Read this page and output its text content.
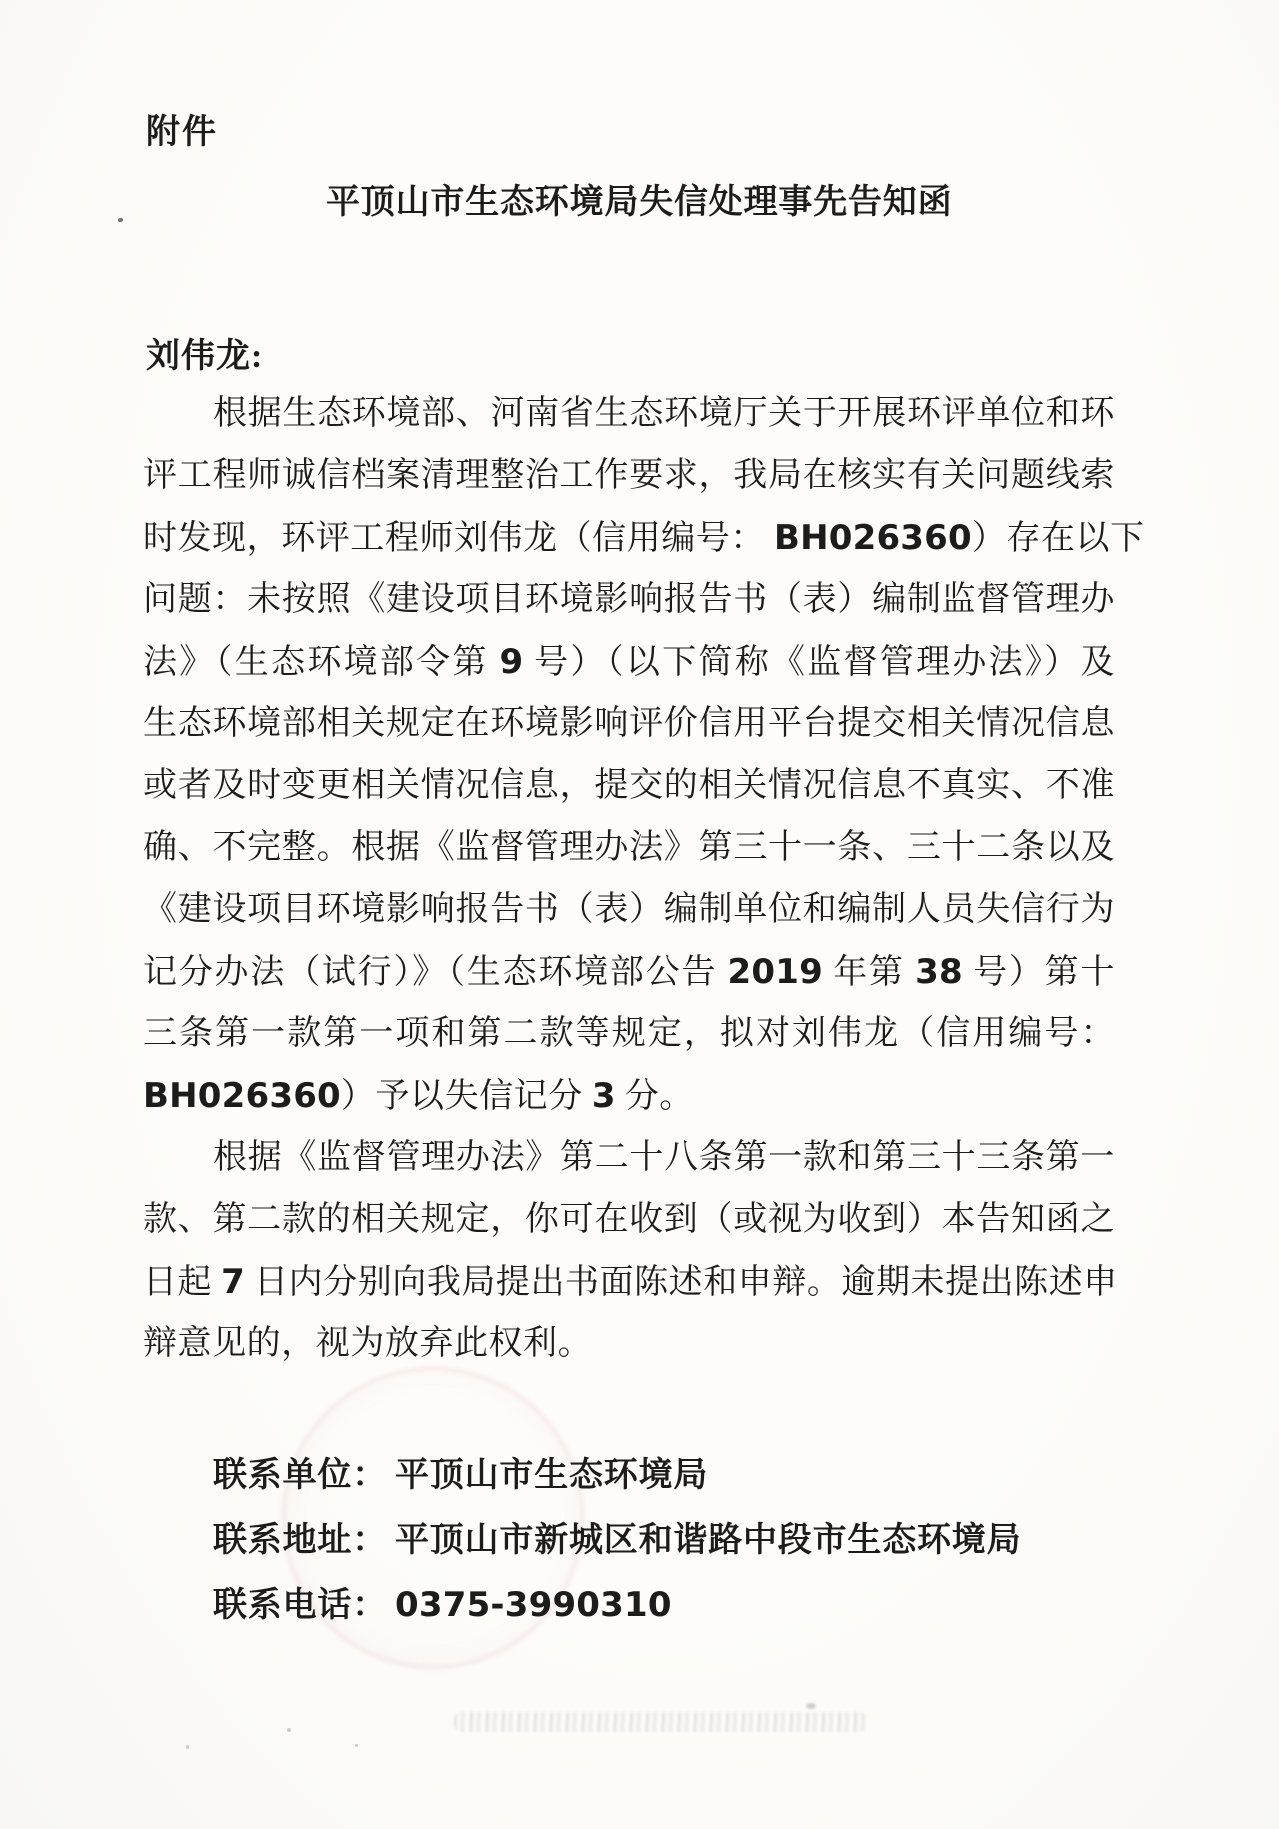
附件
平顶山市生态环境局失信处理事先告知函
刘伟龙:
根据生态环境部、河南省生态环境厅关于开展环评单位和环
评工程师诚信档案清理整治工作要求，我局在核实有关问题线索
时发现，环评工程师刘伟龙（信用编号： BH026360）存在以下
问题：未按照《建设项目环境影响报告书（表）编制监督管理办
法》（生态环境部令第 9 号）（以下简称《监督管理办法》）及
生态环境部相关规定在环境影响评价信用平台提交相关情况信息
或者及时变更相关情况信息，提交的相关情况信息不真实、不准
确、不完整。根据《监督管理办法》第三十一条、三十二条以及
《建设项目环境影响报告书（表）编制单位和编制人员失信行为
记分办法（试行）》（生态环境部公告 2019 年第 38 号）第十
三条第一款第一项和第二款等规定，拟对刘伟龙（信用编号：
BH026360）予以失信记分 3 分。
根据《监督管理办法》第二十八条第一款和第三十三条第一
款、第二款的相关规定，你可在收到（或视为收到）本告知函之
日起 7 日内分别向我局提出书面陈述和申辩。逾期未提出陈述申
辩意见的，视为放弃此权利。
联系单位： 平顶山市生态环境局
联系地址： 平顶山市新城区和谐路中段市生态环境局
联系电话： 0375-3990310
